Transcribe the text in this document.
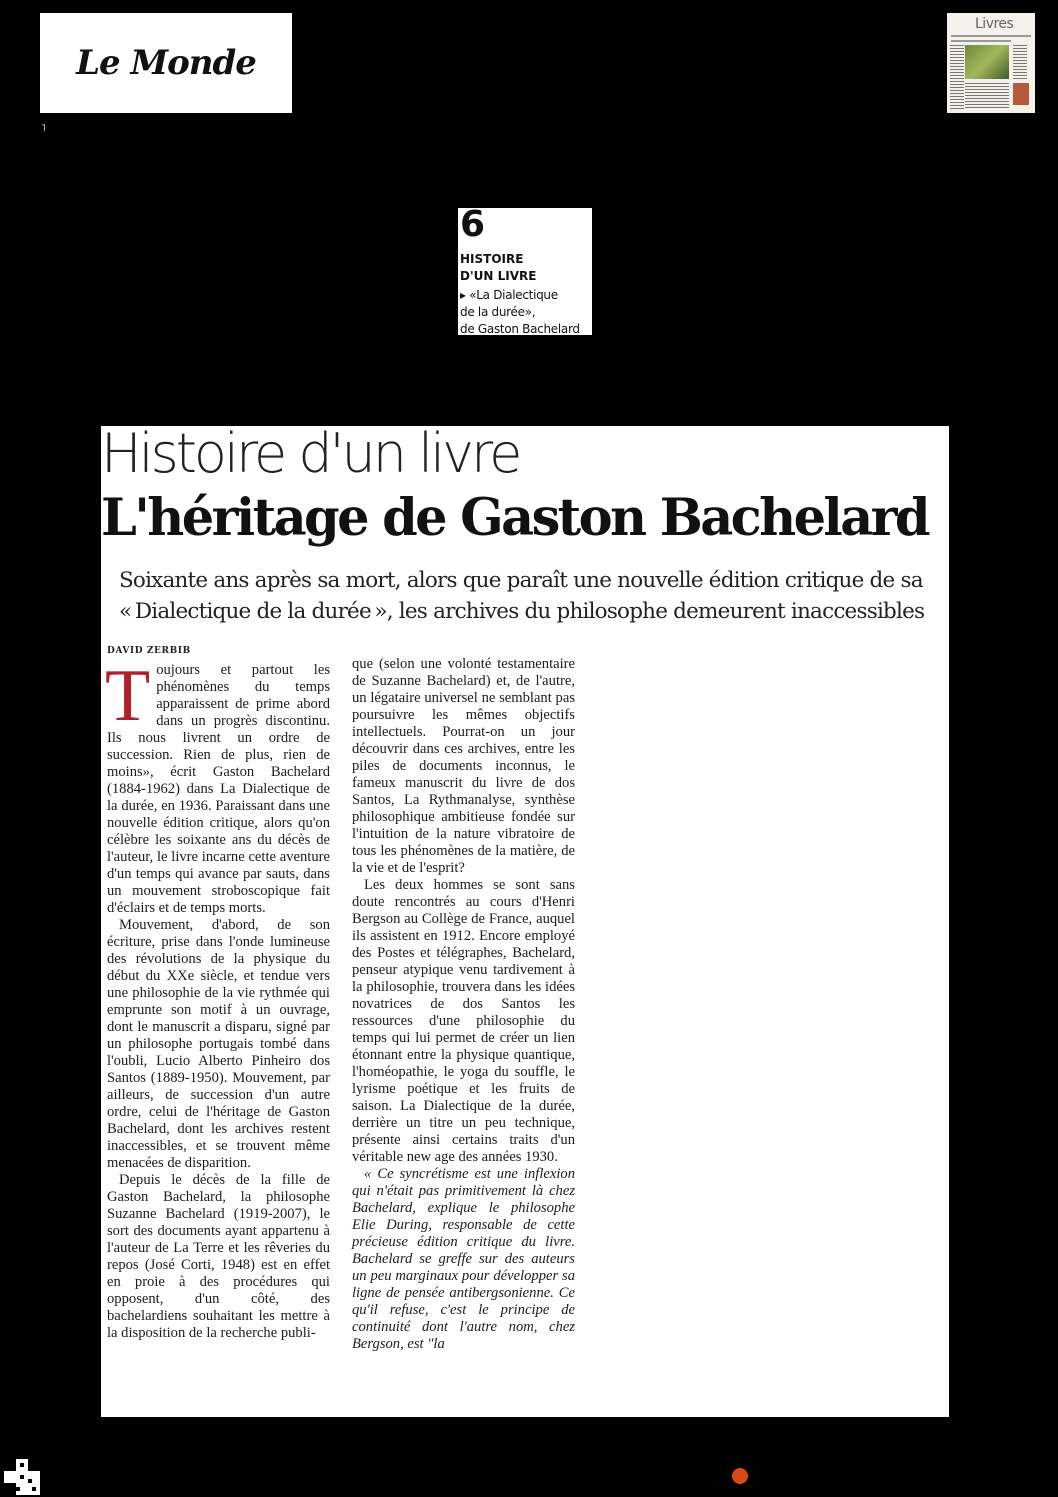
Le Monde
˥
Livres
6
HISTOIRE
D'UN LIVRE
▸ «La Dialectique
de la durée»,
de Gaston Bachelard
Histoire d'un livre
L'héritage de Gaston Bachelard
Soixante ans après sa mort, alors que paraît une nouvelle édition critique de sa « Dialectique de la durée », les archives du philosophe demeurent inaccessibles
DAVID ZERBIB

Toujours et partout les phénomènes du temps apparaissent de prime abord dans un progrès discontinu. Ils nous livrent un ordre de succession. Rien de plus, rien de moins», écrit Gaston Bachelard (1884-1962) dans La Dialectique de la durée, en 1936. Paraissant dans une nouvelle édition critique, alors qu'on célèbre les soixante ans du décès de l'auteur, le livre incarne cette aventure d'un temps qui avance par sauts, dans un mouvement stroboscopique fait d'éclairs et de temps morts.

Mouvement, d'abord, de son écriture, prise dans l'onde lumineuse des révolutions de la physique du début du XXe siècle, et tendue vers une philosophie de la vie rythmée qui emprunte son motif à un ouvrage, dont le manuscrit a disparu, signé par un philosophe portugais tombé dans l'oubli, Lucio Alberto Pinheiro dos Santos (1889-1950). Mouvement, par ailleurs, de succession d'un autre ordre, celui de l'héritage de Gaston Bachelard, dont les archives restent inaccessibles, et se trouvent même menacées de disparition.

Depuis le décès de la fille de Gaston Bachelard, la philosophe Suzanne Bachelard (1919-2007), le sort des documents ayant appartenu à l'auteur de La Terre et les rêveries du repos (José Corti, 1948) est en effet en proie à des procédures qui opposent, d'un côté, des bachelardiens souhaitant les mettre à la disposition de la recherche publi-

que (selon une volonté testamentaire de Suzanne Bachelard) et, de l'autre, un légataire universel ne semblant pas poursuivre les mêmes objectifs intellectuels. Pourrat-on un jour découvrir dans ces archives, entre les piles de documents inconnus, le fameux manuscrit du livre de dos Santos, La Rythmanalyse, synthèse philosophique ambitieuse fondée sur l'intuition de la nature vibratoire de tous les phénomènes de la matière, de la vie et de l'esprit?

Les deux hommes se sont sans doute rencontrés au cours d'Henri Bergson au Collège de France, auquel ils assistent en 1912. Encore employé des Postes et télégraphes, Bachelard, penseur atypique venu tardivement à la philosophie, trouvera dans les idées novatrices de dos Santos les ressources d'une philosophie du temps qui lui permet de créer un lien étonnant entre la physique quantique, l'homéopathie, le yoga du souffle, le lyrisme poétique et les fruits de saison. La Dialectique de la durée, derrière un titre un peu technique, présente ainsi certains traits d'un véritable new age des années 1930.

« Ce syncrétisme est une inflexion qui n'était pas primitivement là chez Bachelard, explique le philosophe Elie During, responsable de cette précieuse édition critique du livre. Bachelard se greffe sur des auteurs un peu marginaux pour développer sa ligne de pensée antibergsonienne. Ce qu'il refuse, c'est le principe de continuité dont l'autre nom, chez Bergson, est "la
